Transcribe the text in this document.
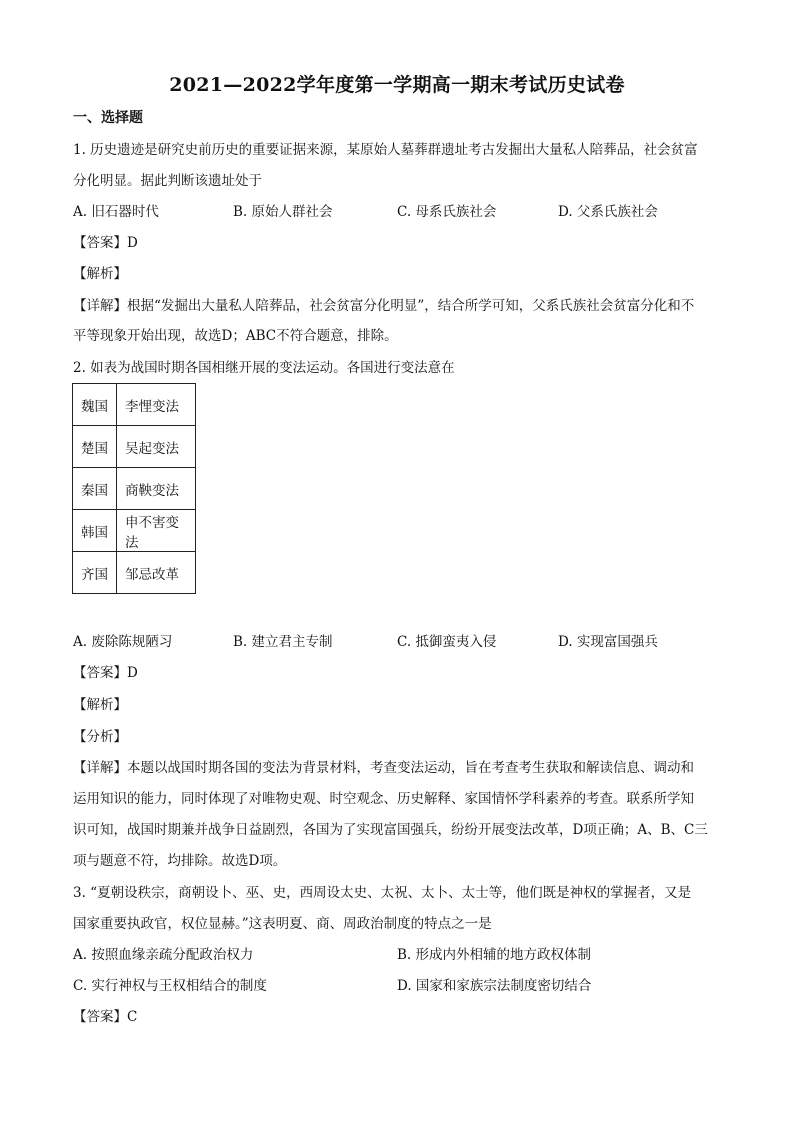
2021—2022学年度第一学期高一期末考试历史试卷
一、选择题
1. 历史遗迹是研究史前历史的重要证据来源，某原始人墓葬群遗址考古发掘出大量私人陪葬品，社会贫富
分化明显。据此判断该遗址处于
A. 旧石器时代	B. 原始人群社会	C. 母系氏族社会	D. 父系氏族社会
【答案】D
【解析】
【详解】根据“发掘出大量私人陪葬品，社会贫富分化明显”，结合所学可知，父系氏族社会贫富分化和不
平等现象开始出现，故选D；ABC不符合题意，排除。
2. 如表为战国时期各国相继开展的变法运动。各国进行变法意在
魏国	李悝变法
楚国	吴起变法
秦国	商鞅变法
韩国	申不害变法
齐国	邹忌改革
A. 废除陈规陋习	B. 建立君主专制	C. 抵御蛮夷入侵	D. 实现富国强兵
【答案】D
【解析】
【分析】
【详解】本题以战国时期各国的变法为背景材料，考查变法运动，旨在考查考生获取和解读信息、调动和
运用知识的能力，同时体现了对唯物史观、时空观念、历史解释、家国情怀学科素养的考查。联系所学知
识可知，战国时期兼并战争日益剧烈，各国为了实现富国强兵，纷纷开展变法改革，D项正确；A、B、C三
项与题意不符，均排除。故选D项。
3. “夏朝设秩宗，商朝设卜、巫、史，西周设太史、太祝、太卜、太士等，他们既是神权的掌握者，又是
国家重要执政官，权位显赫。”这表明夏、商、周政治制度的特点之一是
A. 按照血缘亲疏分配政治权力	B. 形成内外相辅的地方政权体制
C. 实行神权与王权相结合的制度	D. 国家和家族宗法制度密切结合
【答案】C
